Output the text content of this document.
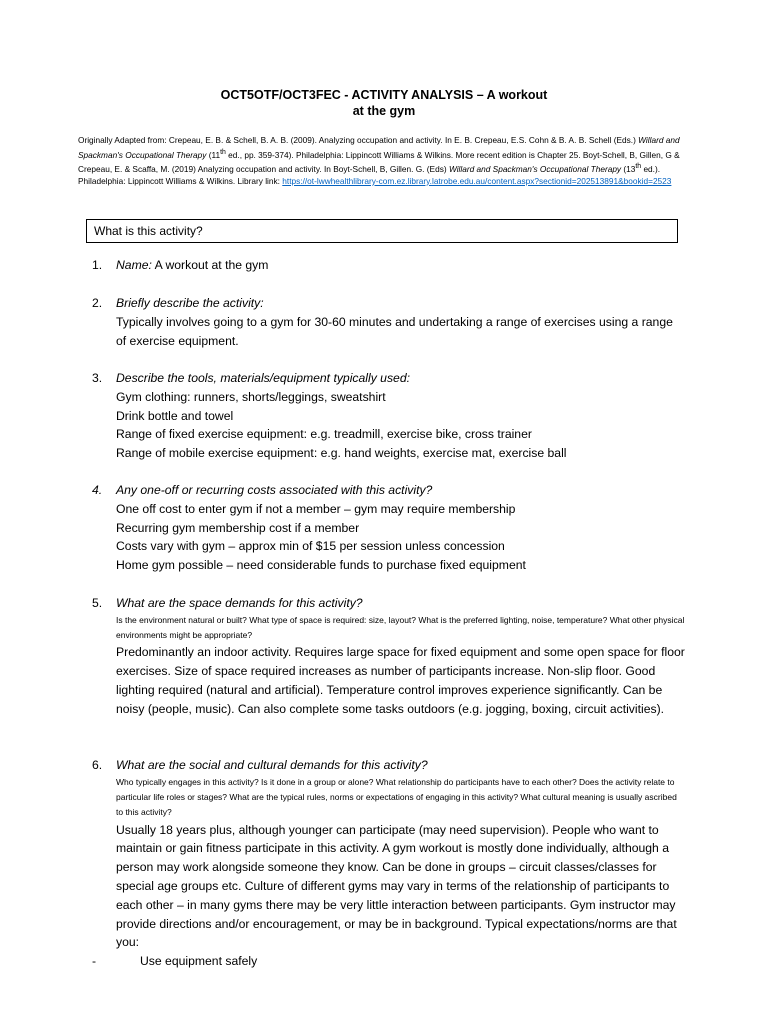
OCT5OTF/OCT3FEC - ACTIVITY ANALYSIS – A workout
at the gym
Originally Adapted from: Crepeau, E. B. & Schell, B. A. B. (2009). Analyzing occupation and activity. In E. B. Crepeau, E.S. Cohn & B. A. B. Schell (Eds.) Willard and Spackman's Occupational Therapy (11th ed., pp. 359-374). Philadelphia: Lippincott Williams & Wilkins. More recent edition is Chapter 25. Boyt-Schell, B, Gillen, G & Crepeau, E. & Scaffa, M. (2019) Analyzing occupation and activity. In Boyt-Schell, B, Gillen. G. (Eds) Willard and Spackman's Occupational Therapy (13th ed.). Philadelphia: Lippincott Williams & Wilkins. Library link: https://ot-lwwhealthlibrary-com.ez.library.latrobe.edu.au/content.aspx?sectionid=202513891&bookid=2523
What is this activity?
1. Name: A workout at the gym
2. Briefly describe the activity:
Typically involves going to a gym for 30-60 minutes and undertaking a range of exercises using a range of exercise equipment.
3. Describe the tools, materials/equipment typically used:
Gym clothing: runners, shorts/leggings, sweatshirt
Drink bottle and towel
Range of fixed exercise equipment: e.g. treadmill, exercise bike, cross trainer
Range of mobile exercise equipment: e.g. hand weights, exercise mat, exercise ball
4. Any one-off or recurring costs associated with this activity?
One off cost to enter gym if not a member – gym may require membership
Recurring gym membership cost if a member
Costs vary with gym – approx min of $15 per session unless concession
Home gym possible – need considerable funds to purchase fixed equipment
5. What are the space demands for this activity?
Is the environment natural or built? What type of space is required: size, layout? What is the preferred lighting, noise, temperature? What other physical environments might be appropriate?
Predominantly an indoor activity. Requires large space for fixed equipment and some open space for floor exercises. Size of space required increases as number of participants increase. Non-slip floor. Good lighting required (natural and artificial). Temperature control improves experience significantly. Can be noisy (people, music). Can also complete some tasks outdoors (e.g. jogging, boxing, circuit activities).
6. What are the social and cultural demands for this activity?
Who typically engages in this activity? Is it done in a group or alone? What relationship do participants have to each other? Does the activity relate to particular life roles or stages? What are the typical rules, norms or expectations of engaging in this activity? What cultural meaning is usually ascribed to this activity?
Usually 18 years plus, although younger can participate (may need supervision). People who want to maintain or gain fitness participate in this activity. A gym workout is mostly done individually, although a person may work alongside someone they know. Can be done in groups – circuit classes/classes for special age groups etc. Culture of different gyms may vary in terms of the relationship of participants to each other – in many gyms there may be very little interaction between participants. Gym instructor may provide directions and/or encouragement, or may be in background. Typical expectations/norms are that you:
-	Use equipment safely
